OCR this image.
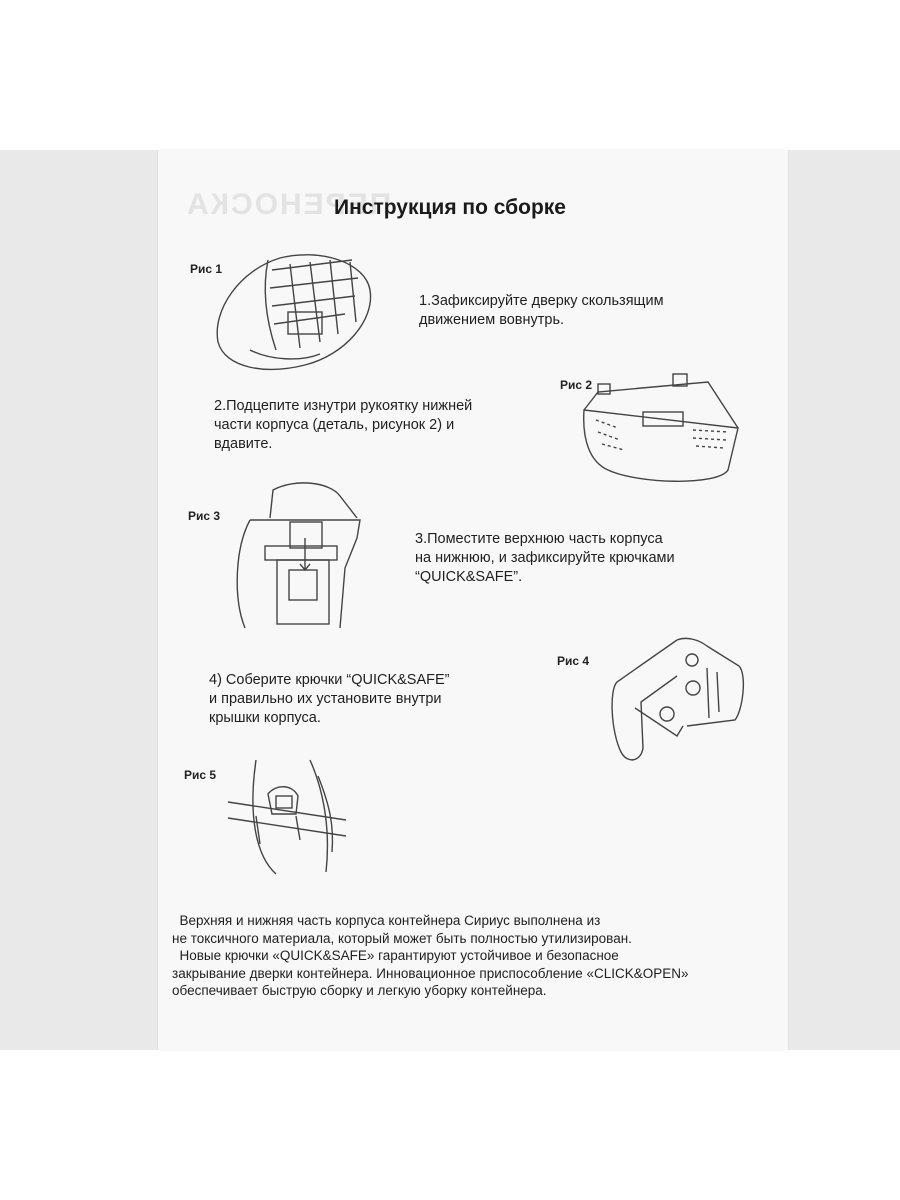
ПЕРЕНОСКА
Инструкция по сборке
Рис 1
1.Зафиксируйте дверку скользящим
движением вовнутрь.
2.Подцепите изнутри рукоятку нижней
части корпуса (деталь, рисунок 2) и
вдавите.
Рис 2
Рис 3
3.Поместите верхнюю часть корпуса
на нижнюю, и зафиксируйте крючками
“QUICK&SAFE”.
4) Соберите крючки “QUICK&SAFE”
и правильно их установите внутри
крышки корпуса.
Рис 4
Рис 5
Верхняя и нижняя часть корпуса контейнера Сириус выполнена из
не токсичного материала, который может быть полностью утилизирован.
Новые крючки «QUICK&SAFE» гарантируют устойчивое и безопасное
закрывание дверки контейнера. Инновационное приспособление «CLICK&OPEN»
обеспечивает быструю сборку и легкую уборку контейнера.
